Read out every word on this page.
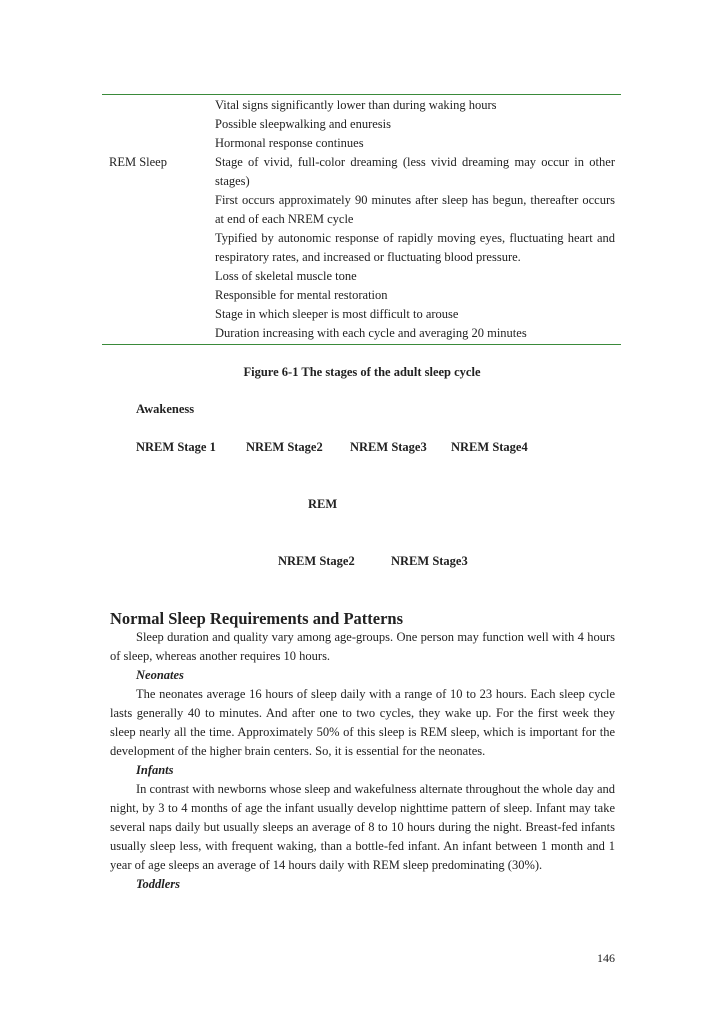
Vital signs significantly lower than during waking hours
Possible sleepwalking and enuresis
Hormonal response continues
REM Sleep	Stage of vivid, full-color dreaming (less vivid dreaming may occur in other stages)
First occurs approximately 90 minutes after sleep has begun, thereafter occurs at end of each NREM cycle
Typified by autonomic response of rapidly moving eyes, fluctuating heart and respiratory rates, and increased or fluctuating blood pressure.
Loss of skeletal muscle tone
Responsible for mental restoration
Stage in which sleeper is most difficult to arouse
Duration increasing with each cycle and averaging 20 minutes
Figure 6-1 The stages of the adult sleep cycle
Awakeness
NREM Stage 1 NREM Stage2 NREM Stage3 NREM Stage4
REM
NREM Stage2	NREM Stage3
Normal Sleep Requirements and Patterns

Sleep duration and quality vary among age-groups. One person may function well with 4 hours of sleep, whereas another requires 10 hours.

Neonates

The neonates average 16 hours of sleep daily with a range of 10 to 23 hours. Each sleep cycle lasts generally 40 to minutes. And after one to two cycles, they wake up. For the first week they sleep nearly all the time. Approximately 50% of this sleep is REM sleep, which is important for the development of the higher brain centers. So, it is essential for the neonates.

Infants

In contrast with newborns whose sleep and wakefulness alternate throughout the whole day and night, by 3 to 4 months of age the infant usually develop nighttime pattern of sleep. Infant may take several naps daily but usually sleeps an average of 8 to 10 hours during the night. Breast-fed infants usually sleep less, with frequent waking, than a bottle-fed infant. An infant between 1 month and 1 year of age sleeps an average of 14 hours daily with REM sleep predominating (30%).

Toddlers
146
